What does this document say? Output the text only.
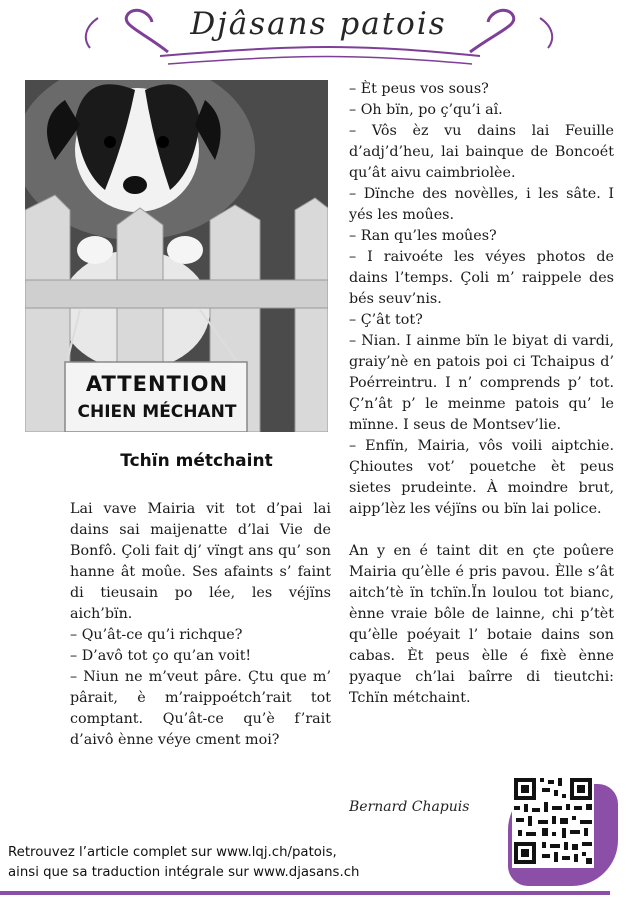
Djâsans patois
ATTENTION
CHIEN MÉCHANT
Tchïn métchaint

Lai vave Mairia vit tot d’pai lai dains sai maijenatte d’lai Vie de Bonfô. Çoli fait dj’ vïngt ans qu’ son hanne ât moûe. Ses afaints s’ faint di tieusain po lée, les véjïns aich’bïn.

– Qu’ât-ce qu’i richque?

– D’avô tot ço qu’an voit!

– Niun ne m’veut pâre. Çtu que m’ pârait, è m’raippoétch’rait tot comptant. Qu’ât-ce qu’è f’rait d’aivô ènne véye cment moi?

– Èt peus vos sous?

– Oh bïn, po ç’qu’i aî.

– Vôs èz vu dains lai Feuille d’adj’d’heu, lai bainque de Boncoét qu’ât aivu caimbriolèe.

– Dïnche des novèlles, i les sâte. I yés les moûes.

– Ran qu’les moûes?

– I raivoéte les véyes photos de dains l’temps. Çoli m’ raippele des bés seuv’nis.

– Ç’ât tot?

– Nian. I ainme bïn le biyat di vardi, graiy’nè en patois poi ci Tchaipus d’ Poérreintru. I n’ comprends p’ tot. Ç’n’ât p’ le meinme patois qu’ le mïnne. I seus de Montsev’lie.

– Enfïn, Mairia, vôs voili aiptchie. Çhioutes vot’ pouetche èt peus sietes prudeinte. À moindre brut, aipp’lèz les véjïns ou bïn lai police.

An y en é taint dit en çte poûere Mairia qu’èlle é pris pavou. Èlle s’ât aitch’tè ïn tchïn.Ïn loulou tot bianc, ènne vraie bôle de lainne, chi p’tèt qu’èlle poéyait l’ botaie dains son cabas. Èt peus èlle é fixè ènne pyaque ch’lai baîrre di tieutchi: Tchïn métchaint.

Bernard Chapuis

Retrouvez l’article complet sur www.lqj.ch/patois,

ainsi que sa traduction intégrale sur www.djasans.ch
